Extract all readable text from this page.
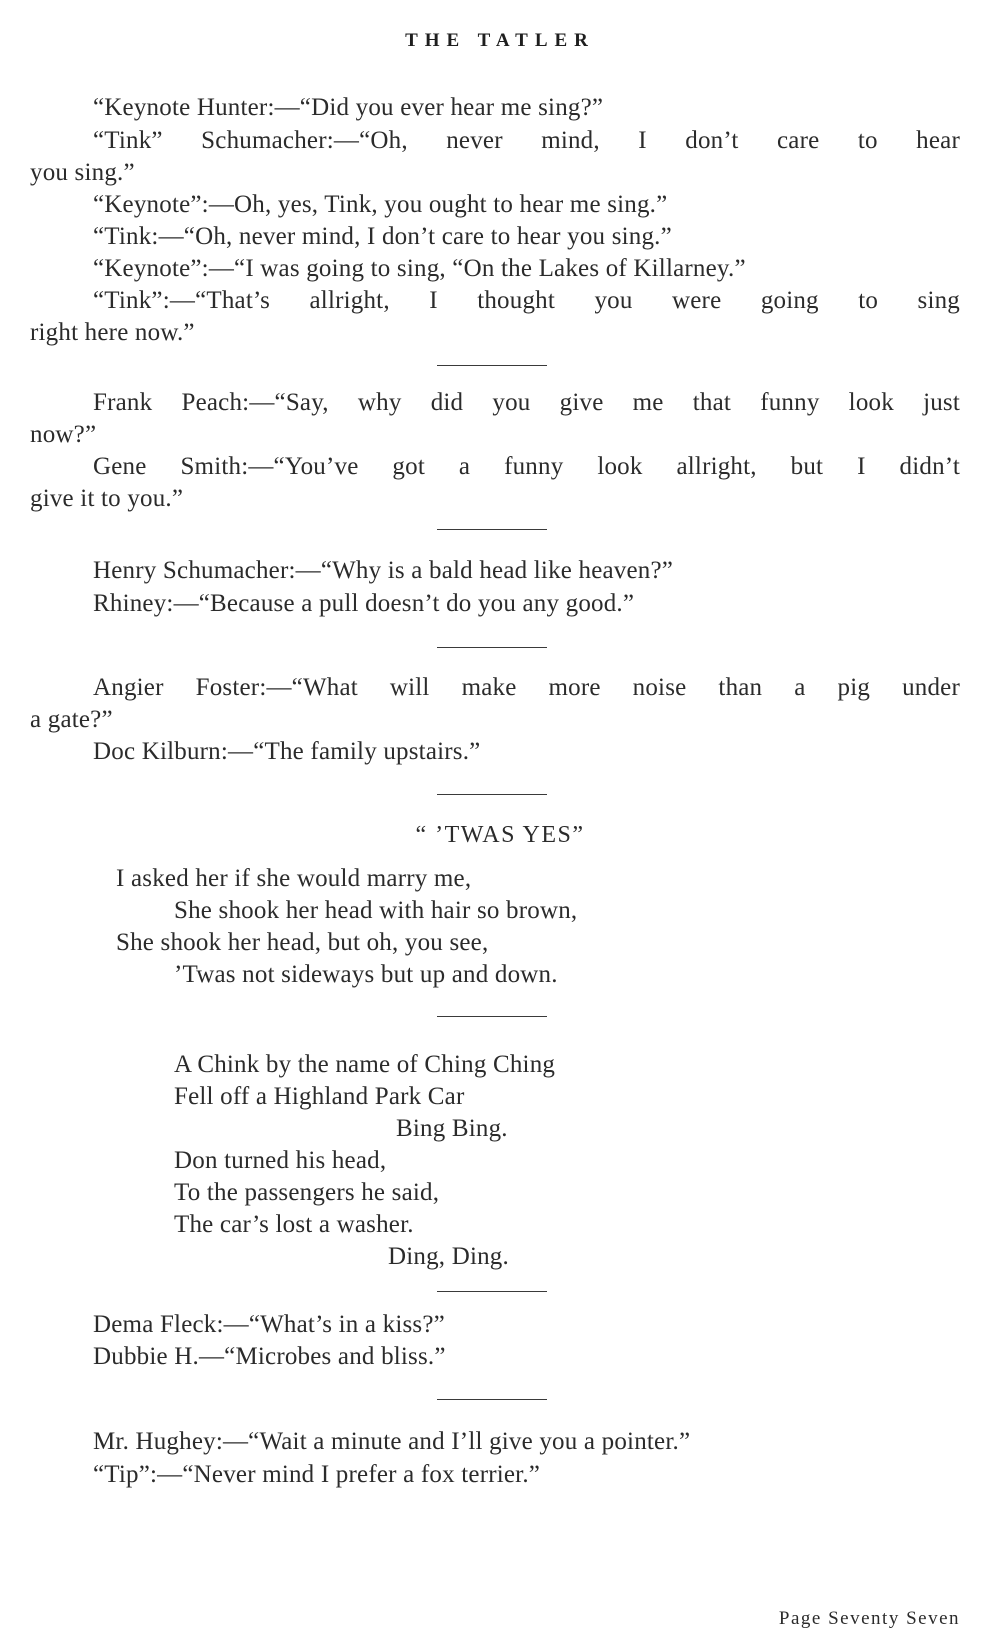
THE TATLER
“Keynote Hunter:—“Did you ever hear me sing?”
“Tink” Schumacher:—“Oh, never mind, I don’t care to hear
you sing.”
“Keynote”:—Oh, yes, Tink, you ought to hear me sing.”
“Tink:—“Oh, never mind, I don’t care to hear you sing.”
“Keynote”:—“I was going to sing, “On the Lakes of Killarney.”
“Tink”:—“That’s allright, I thought you were going to sing
right here now.”
Frank Peach:—“Say, why did you give me that funny look just
now?”
Gene Smith:—“You’ve got a funny look allright, but I didn’t
give it to you.”
Henry Schumacher:—“Why is a bald head like heaven?”
Rhiney:—“Because a pull doesn’t do you any good.”
Angier Foster:—“What will make more noise than a pig under
a gate?”
Doc Kilburn:—“The family upstairs.”
“ ’TWAS YES”
I asked her if she would marry me,
She shook her head with hair so brown,
She shook her head, but oh, you see,
’Twas not sideways but up and down.
A Chink by the name of Ching Ching
Fell off a Highland Park Car
Bing Bing.
Don turned his head,
To the passengers he said,
The car’s lost a washer.
Ding, Ding.
Dema Fleck:—“What’s in a kiss?”
Dubbie H.—“Microbes and bliss.”
Mr. Hughey:—“Wait a minute and I’ll give you a pointer.”
“Tip”:—“Never mind I prefer a fox terrier.”
Page Seventy Seven
